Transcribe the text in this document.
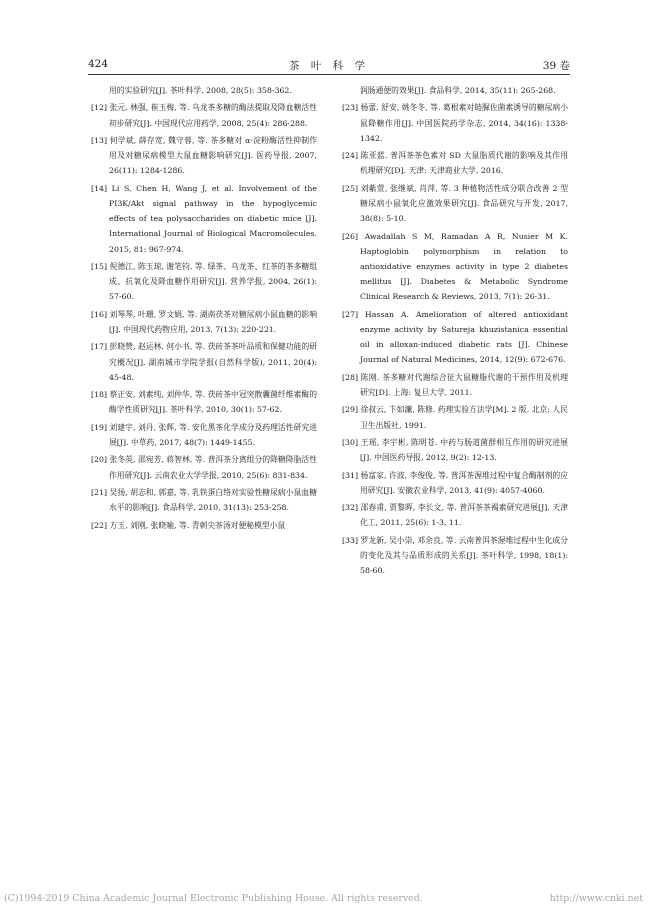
424	茶 叶 科 学	39 卷
用的实验研究[J]. 茶叶科学, 2008, 28(5): 358-362.
[12] 张元, 林强, 崔玉梅, 等. 乌龙茶多糖的酶法提取及降血糖活性初步研究[J]. 中国现代应用药学, 2008, 25(4): 286-288.
[13] 何学斌, 薛存宽, 魏守蓉, 等. 茶多糖对 α-淀粉酶活性抑制作用及对糖尿病模型大鼠血糖影响研究[J]. 医药导报, 2007, 26(11): 1284-1286.
[14] Li S, Chen H, Wang J, et al. Involvement of the PI3K/Akt signal pathway in the hypoglycemic effects of tea polysaccharides on diabetic mice [J]. International Journal of Biological Macromolecules. 2015, 81: 967-974.
[15] 倪德江, 陈玉琼, 谢笔钧, 等. 绿茶、乌龙茶、红茶的茶多糖组成、抗氧化及降血糖作用研究[J]. 营养学报, 2004, 26(1): 57-60.
[16] 刘琴琴, 叶珊, 罗文娟, 等. 湖南茯茶对糖尿病小鼠血糖的影响[J]. 中国现代药物应用, 2013, 7(13): 220-221.
[17] 彭晓赞, 赵运林, 何小书, 等. 茯砖茶茶叶品质和保健功能的研究概况[J]. 湖南城市学院学报(自然科学版), 2011, 20(4): 45-48.
[18] 蔡正安, 刘素纯, 刘仲华, 等. 茯砖茶中冠突散囊菌纤维素酶的酶学性质研究[J]. 茶叶科学, 2010, 30(1): 57-62.
[19] 刘建宇, 刘丹, 张辉, 等. 安化黑茶化学成分及药理活性研究进展[J]. 中草药, 2017, 48(7): 1449-1455.
[20] 张冬英, 邵宛芳, 蒋智林, 等. 普洱茶分离组分的降糖降脂活性作用研究[J]. 云南农业大学学报, 2010, 25(6): 831-834.
[21] 吴扬, 胡志和, 郭嘉, 等. 乳铁蛋白络对实验性糖尿病小鼠血糖水平的影响[J]. 食品科学, 2010, 31(13): 253-258.
[22] 方玉, 刘刚, 张晓喻, 等. 青刺尖茶汤对便秘模型小鼠
润肠通便的效果[J]. 食品科学, 2014, 35(11): 265-268.
[23] 杨蕾, 舒安, 姚冬冬, 等. 葛根素对链脲佐菌素诱导的糖尿病小鼠降糖作用[J]. 中国医院药学杂志, 2014, 34(16): 1338-1342.
[24] 陈亚蓝. 普洱茶茶色素对 SD 大鼠脂质代谢的影响及其作用机理研究[D]. 天津: 天津商业大学, 2016.
[25] 刘紫萱, 张继斌, 肖萍, 等. 3 种植物活性成分联合改善 2 型糖尿病小鼠氧化应激效果研究[J]. 食品研究与开发, 2017, 38(8): 5-10.
[26] Awadallah S M, Ramadan A R, Nusier M K. Haptoglobin polymorphism in relation to antioxidative enzymes activity in type 2 diabetes mellitus [J]. Diabetes & Metabolic Syndrome Clinical Research & Reviews, 2013, 7(1): 26-31.
[27] Hassan A. Amelioration of altered antioxidant enzyme activity by Satureja khuzistanica essential oil in alloxan-induced diabetic rats [J]. Chinese Journal of Natural Medicines, 2014, 12(9): 672-676.
[28] 陈刚. 茶多糖对代谢综合征大鼠糖脂代谢的干预作用及机理研究[D]. 上海: 复旦大学, 2011.
[29] 徐叔云, 卞如濂, 陈修. 药理实验方法学[M]. 2 版. 北京: 人民卫生出版社, 1991.
[30] 王瑶, 李宇彬, 陈明苍. 中药与肠道菌群相互作用的研究进展[J]. 中国医药导报, 2012, 9(2): 12-13.
[31] 杨富家, 许波, 李俊俊, 等. 普洱茶渥堆过程中复合酶制剂的应用研究[J]. 安徽农业科学, 2013, 41(9): 4057-4060.
[32] 邵春甫, 贾黎晖, 李长文, 等. 普洱茶茶褐素研究进展[J]. 天津化工, 2011, 25(6): 1-3, 11.
[33] 罗龙新, 吴小崇, 邓余良, 等. 云南普洱茶渥堆过程中生化成分的变化及其与品质形成的关系[J]. 茶叶科学, 1998, 18(1): 58-60.
(C)1994-2019 China Academic Journal Electronic Publishing House. All rights reserved.	http://www.cnki.net
